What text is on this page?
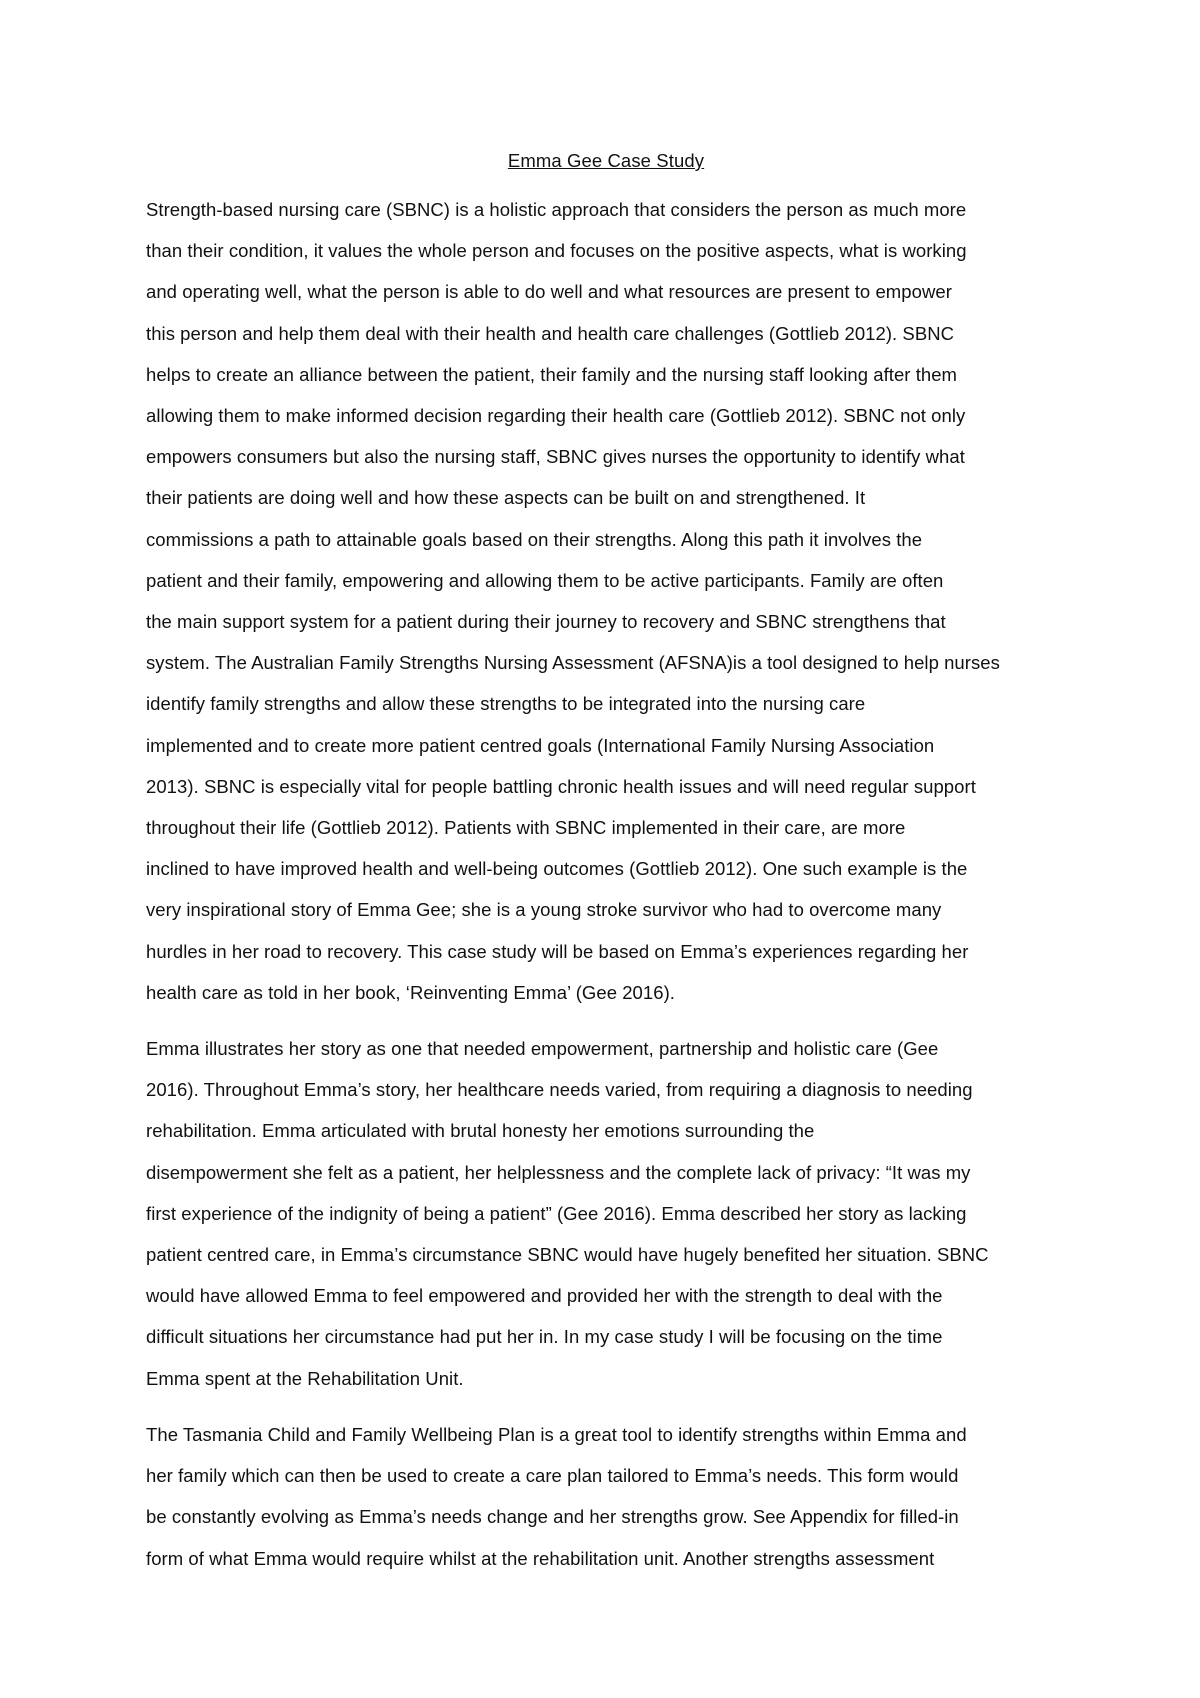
Emma Gee Case Study
Strength-based nursing care (SBNC) is a holistic approach that considers the person as much more
than their condition, it values the whole person and focuses on the positive aspects, what is working
and operating well, what the person is able to do well and what resources are present to empower
this person and help them deal with their health and health care challenges (Gottlieb 2012). SBNC
helps to create an alliance between the patient, their family and the nursing staff looking after them
allowing them to make informed decision regarding their health care (Gottlieb 2012). SBNC not only
empowers consumers but also the nursing staff, SBNC gives nurses the opportunity to identify what
their patients are doing well and how these aspects can be built on and strengthened. It
commissions a path to attainable goals based on their strengths. Along this path it involves the
patient and their family, empowering and allowing them to be active participants. Family are often
the main support system for a patient during their journey to recovery and SBNC strengthens that
system. The Australian Family Strengths Nursing Assessment (AFSNA)is a tool designed to help nurses
identify family strengths and allow these strengths to be integrated into the nursing care
implemented and to create more patient centred goals (International Family Nursing Association
2013). SBNC is especially vital for people battling chronic health issues and will need regular support
throughout their life (Gottlieb 2012). Patients with SBNC implemented in their care, are more
inclined to have improved health and well-being outcomes (Gottlieb 2012). One such example is the
very inspirational story of Emma Gee; she is a young stroke survivor who had to overcome many
hurdles in her road to recovery. This case study will be based on Emma’s experiences regarding her
health care as told in her book, ‘Reinventing Emma’ (Gee 2016).
Emma illustrates her story as one that needed empowerment, partnership and holistic care (Gee
2016). Throughout Emma’s story, her healthcare needs varied, from requiring a diagnosis to needing
rehabilitation. Emma articulated with brutal honesty her emotions surrounding the
disempowerment she felt as a patient, her helplessness and the complete lack of privacy: “It was my
first experience of the indignity of being a patient” (Gee 2016). Emma described her story as lacking
patient centred care, in Emma’s circumstance SBNC would have hugely benefited her situation. SBNC
would have allowed Emma to feel empowered and provided her with the strength to deal with the
difficult situations her circumstance had put her in. In my case study I will be focusing on the time
Emma spent at the Rehabilitation Unit.
The Tasmania Child and Family Wellbeing Plan is a great tool to identify strengths within Emma and
her family which can then be used to create a care plan tailored to Emma’s needs. This form would
be constantly evolving as Emma’s needs change and her strengths grow. See Appendix for filled-in
form of what Emma would require whilst at the rehabilitation unit. Another strengths assessment
